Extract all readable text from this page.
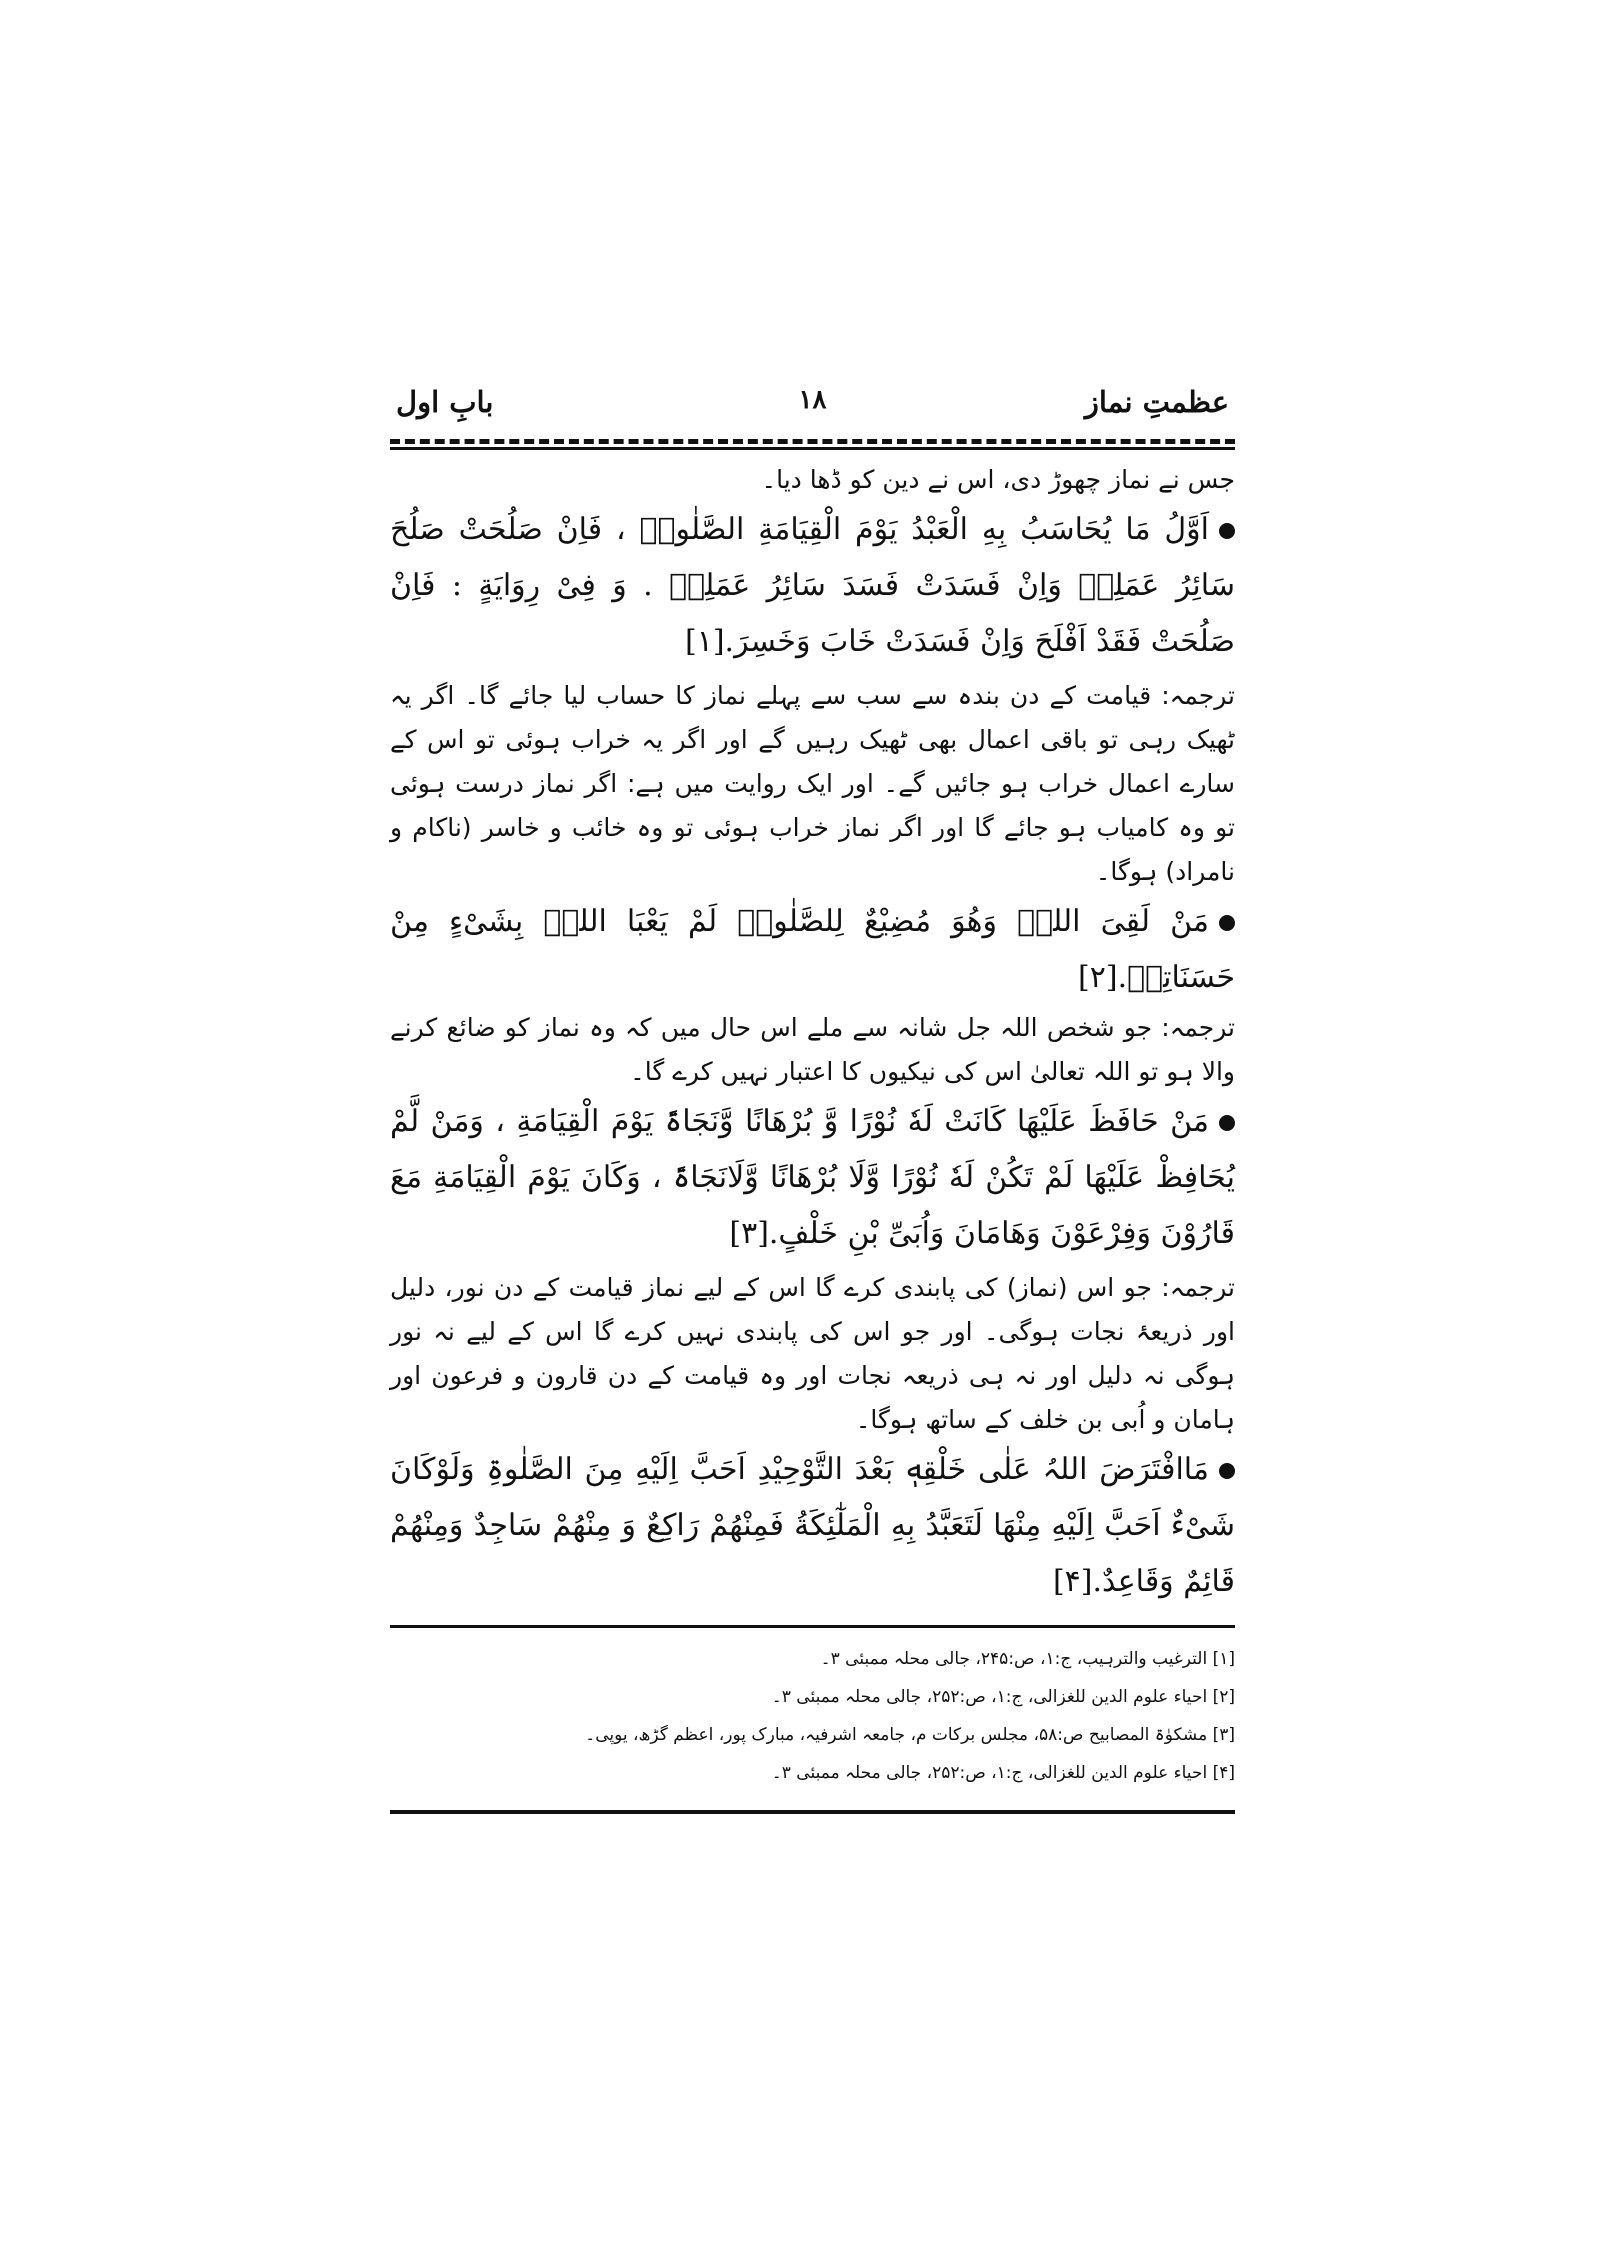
بابِ اول	۱۸	عظمتِ نماز

جس نے نماز چھوڑ دی، اس نے دین کو ڈھا دیا۔

اَوَّلُ مَا یُحَاسَبُ بِهِ الْعَبْدُ یَوْمَ الْقِیَامَةِ الصَّلٰوۃُ ، فَاِنْ صَلُحَتْ صَلُحَ سَائِرُ عَمَلِهٖ وَاِنْ فَسَدَتْ فَسَدَ سَائِرُ عَمَلِهٖ . وَ فِیْ رِوَایَةٍ : فَاِنْ صَلُحَتْ فَقَدْ اَفْلَحَ وَاِنْ فَسَدَتْ خَابَ وَخَسِرَ.[۱]

ترجمہ: قیامت کے دن بندہ سے سب سے پہلے نماز کا حساب لیا جائے گا۔ اگر یہ ٹھیک رہی تو باقی اعمال بھی ٹھیک رہیں گے اور اگر یہ خراب ہوئی تو اس کے سارے اعمال خراب ہو جائیں گے۔ اور ایک روایت میں ہے: اگر نماز درست ہوئی تو وہ کامیاب ہو جائے گا اور اگر نماز خراب ہوئی تو وہ خائب و خاسر (ناکام و نامراد) ہوگا۔

مَنْ لَقِیَ اللہَ وَهُوَ مُضِیْعٌ لِلصَّلٰوۃِ لَمْ یَعْبَا اللہُ بِشَیْءٍ مِنْ حَسَنَاتِهٖ.[۲]

ترجمہ: جو شخص اللہ جل شانہ سے ملے اس حال میں کہ وہ نماز کو ضائع کرنے والا ہو تو اللہ تعالیٰ اس کی نیکیوں کا اعتبار نہیں کرے گا۔

مَنْ حَافَظَ عَلَیْهَا کَانَتْ لَهٗ نُوْرًا وَّ بُرْهَانًا وَّنَجَاۃً یَوْمَ الْقِیَامَةِ ، وَمَنْ لَّمْ یُحَافِظْ عَلَیْهَا لَمْ تَکُنْ لَهٗ نُوْرًا وَّلَا بُرْهَانًا وَّلَانَجَاۃً ، وَکَانَ یَوْمَ الْقِیَامَةِ مَعَ قَارُوْنَ وَفِرْعَوْنَ وَهَامَانَ وَاُبَیِّ بْنِ خَلْفٍ.[۳]

ترجمہ: جو اس (نماز) کی پابندی کرے گا اس کے لیے نماز قیامت کے دن نور، دلیل اور ذریعۂ نجات ہوگی۔ اور جو اس کی پابندی نہیں کرے گا اس کے لیے نہ نور ہوگی نہ دلیل اور نہ ہی ذریعہ نجات اور وہ قیامت کے دن قارون و فرعون اور ہامان و اُبی بن خلف کے ساتھ ہوگا۔

مَاافْتَرَضَ اللہُ عَلٰی خَلْقِهٖ بَعْدَ التَّوْحِیْدِ اَحَبَّ اِلَیْهِ مِنَ الصَّلٰوۃِ وَلَوْکَانَ شَیْءٌ اَحَبَّ اِلَیْهِ مِنْهَا لَتَعَبَّدُ بِهِ الْمَلٰٓئِکَةُ فَمِنْهُمْ رَاکِعٌ وَ مِنْهُمْ سَاجِدٌ وَمِنْهُمْ قَائِمٌ وَقَاعِدٌ.[۴]

[۱] الترغیب والترہیب، ج:۱، ص:۲۴۵، جالی محلہ ممبئی ۳۔

[۲] احیاء علوم الدین للغزالی، ج:۱، ص:۲۵۲، جالی محلہ ممبئی ۳۔

[۳] مشکوٰۃ المصابیح ص:۵۸، مجلس برکات م، جامعہ اشرفیہ، مبارک پور، اعظم گڑھ، یوپی۔

[۴] احیاء علوم الدین للغزالی، ج:۱، ص:۲۵۲، جالی محلہ ممبئی ۳۔
